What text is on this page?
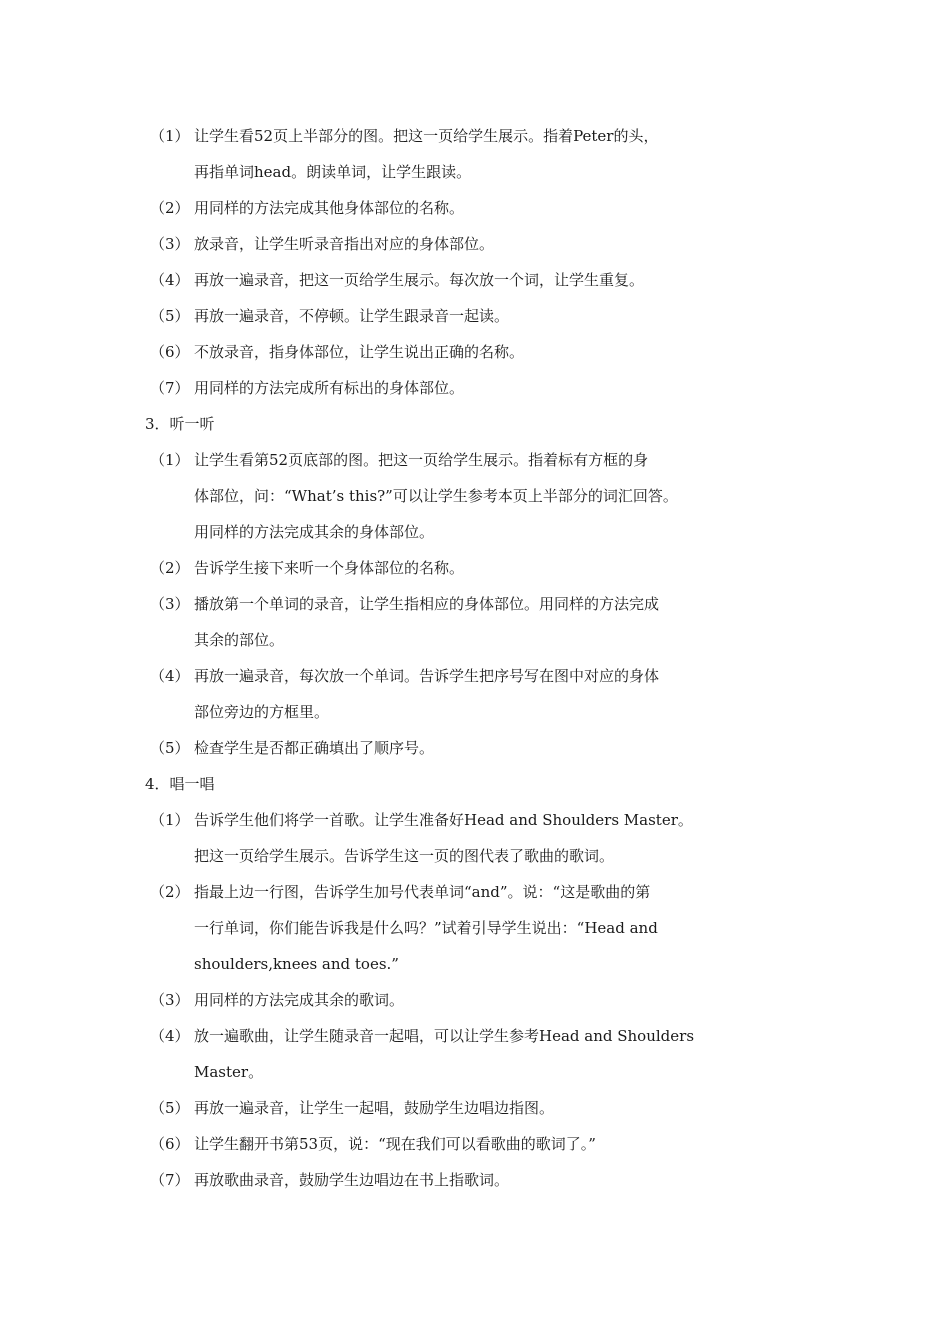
（1） 让学生看52页上半部分的图。把这一页给学生展示。指着Peter的头，
再指单词head。朗读单词，让学生跟读。
（2） 用同样的方法完成其他身体部位的名称。
（3） 放录音，让学生听录音指出对应的身体部位。
（4） 再放一遍录音，把这一页给学生展示。每次放一个词，让学生重复。
（5） 再放一遍录音，不停顿。让学生跟录音一起读。
（6） 不放录音，指身体部位，让学生说出正确的名称。
（7） 用同样的方法完成所有标出的身体部位。
3．听一听
（1） 让学生看第52页底部的图。把这一页给学生展示。指着标有方框的身
体部位，问：“What’s this?”可以让学生参考本页上半部分的词汇回答。
用同样的方法完成其余的身体部位。
（2） 告诉学生接下来听一个身体部位的名称。
（3） 播放第一个单词的录音，让学生指相应的身体部位。用同样的方法完成
其余的部位。
（4） 再放一遍录音，每次放一个单词。告诉学生把序号写在图中对应的身体
部位旁边的方框里。
（5） 检查学生是否都正确填出了顺序号。
4．唱一唱
（1） 告诉学生他们将学一首歌。让学生准备好Head and Shoulders Master。
把这一页给学生展示。告诉学生这一页的图代表了歌曲的歌词。
（2） 指最上边一行图，告诉学生加号代表单词“and”。说：“这是歌曲的第
一行单词，你们能告诉我是什么吗？”试着引导学生说出：“Head and
shoulders,knees and toes.”
（3） 用同样的方法完成其余的歌词。
（4） 放一遍歌曲，让学生随录音一起唱，可以让学生参考Head and Shoulders
Master。
（5） 再放一遍录音，让学生一起唱，鼓励学生边唱边指图。
（6） 让学生翻开书第53页，说：“现在我们可以看歌曲的歌词了。”
（7） 再放歌曲录音，鼓励学生边唱边在书上指歌词。
